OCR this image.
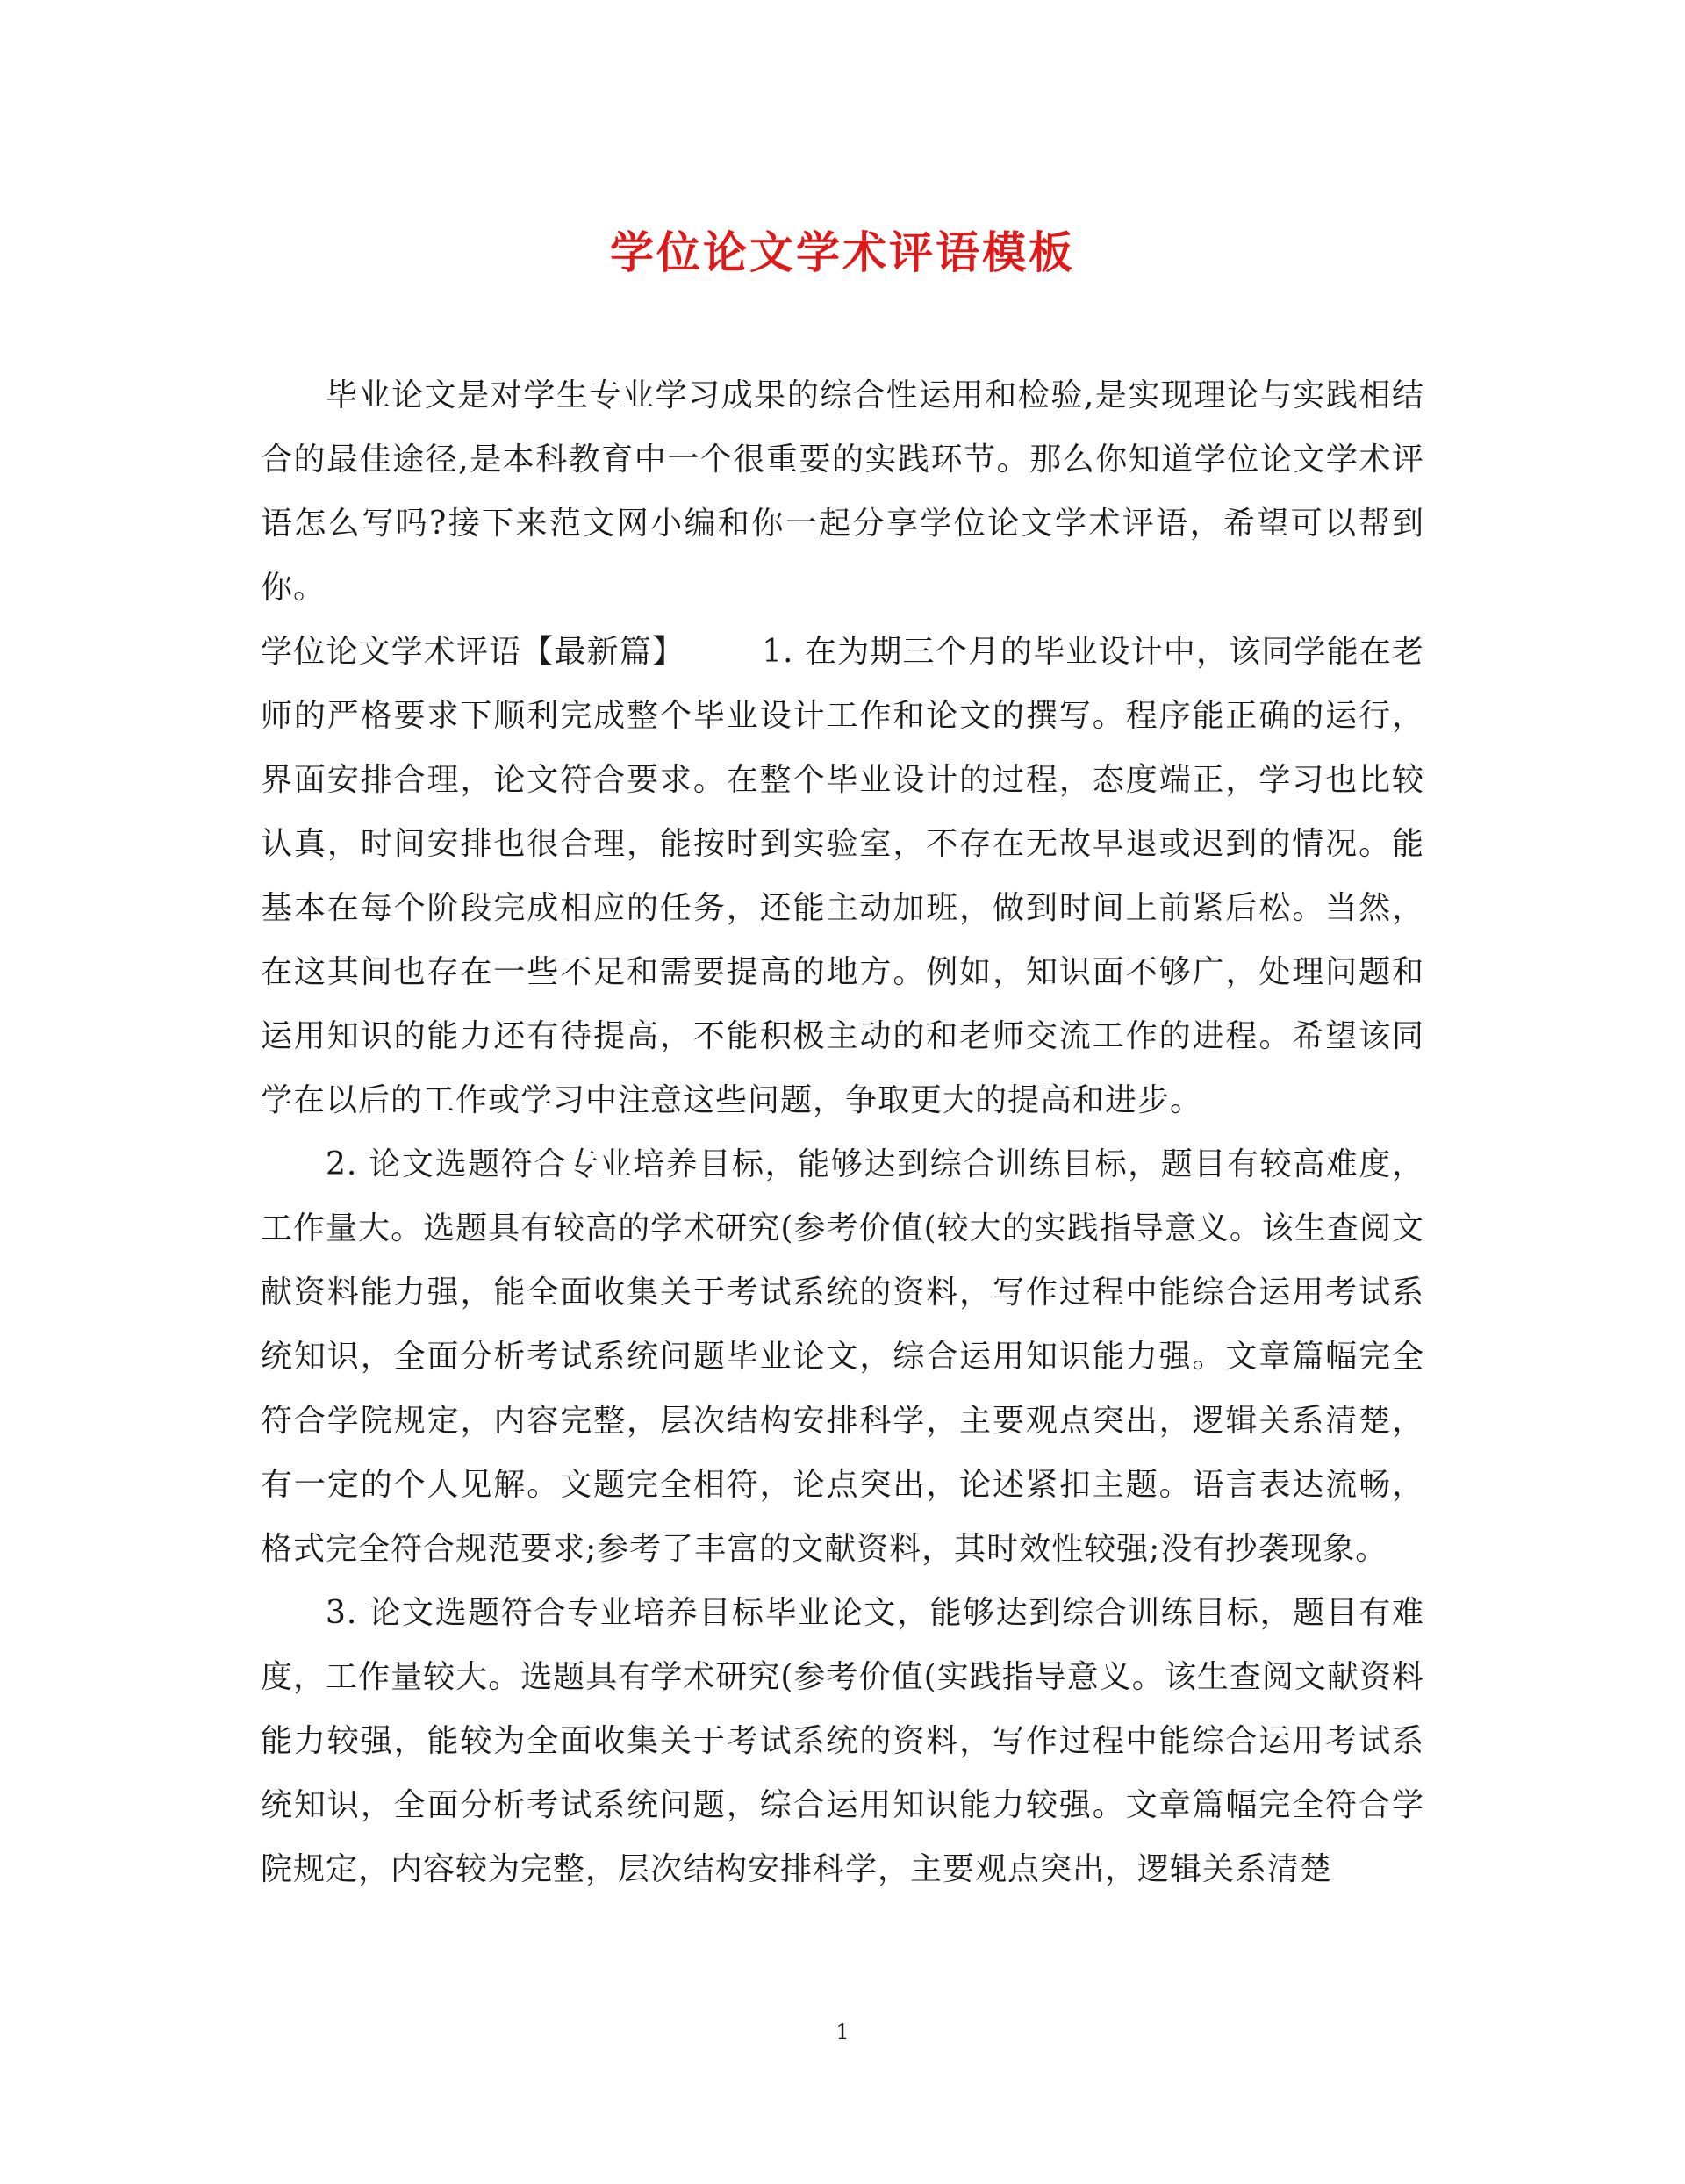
学位论文学术评语模板

毕业论文是对学生专业学习成果的综合性运用和检验,是实现理论与实践相结合的最佳途径,是本科教育中一个很重要的实践环节。那么你知道学位论文学术评语怎么写吗?接下来范文网小编和你一起分享学位论文学术评语，希望可以帮到你。

学位论文学术评语【最新篇】 1. 在为期三个月的毕业设计中，该同学能在老师的严格要求下顺利完成整个毕业设计工作和论文的撰写。程序能正确的运行，界面安排合理，论文符合要求。在整个毕业设计的过程，态度端正，学习也比较认真，时间安排也很合理，能按时到实验室，不存在无故早退或迟到的情况。能基本在每个阶段完成相应的任务，还能主动加班，做到时间上前紧后松。当然，在这其间也存在一些不足和需要提高的地方。例如，知识面不够广，处理问题和运用知识的能力还有待提高，不能积极主动的和老师交流工作的进程。希望该同学在以后的工作或学习中注意这些问题，争取更大的提高和进步。

2. 论文选题符合专业培养目标，能够达到综合训练目标，题目有较高难度，工作量大。选题具有较高的学术研究(参考价值(较大的实践指导意义。该生查阅文献资料能力强，能全面收集关于考试系统的资料，写作过程中能综合运用考试系统知识，全面分析考试系统问题毕业论文，综合运用知识能力强。文章篇幅完全符合学院规定，内容完整，层次结构安排科学，主要观点突出，逻辑关系清楚，有一定的个人见解。文题完全相符，论点突出，论述紧扣主题。语言表达流畅，格式完全符合规范要求;参考了丰富的文献资料，其时效性较强;没有抄袭现象。

3. 论文选题符合专业培养目标毕业论文，能够达到综合训练目标，题目有难度，工作量较大。选题具有学术研究(参考价值(实践指导意义。该生查阅文献资料能力较强，能较为全面收集关于考试系统的资料，写作过程中能综合运用考试系统知识，全面分析考试系统问题，综合运用知识能力较强。文章篇幅完全符合学院规定，内容较为完整，层次结构安排科学，主要观点突出，逻辑关系清楚

1
